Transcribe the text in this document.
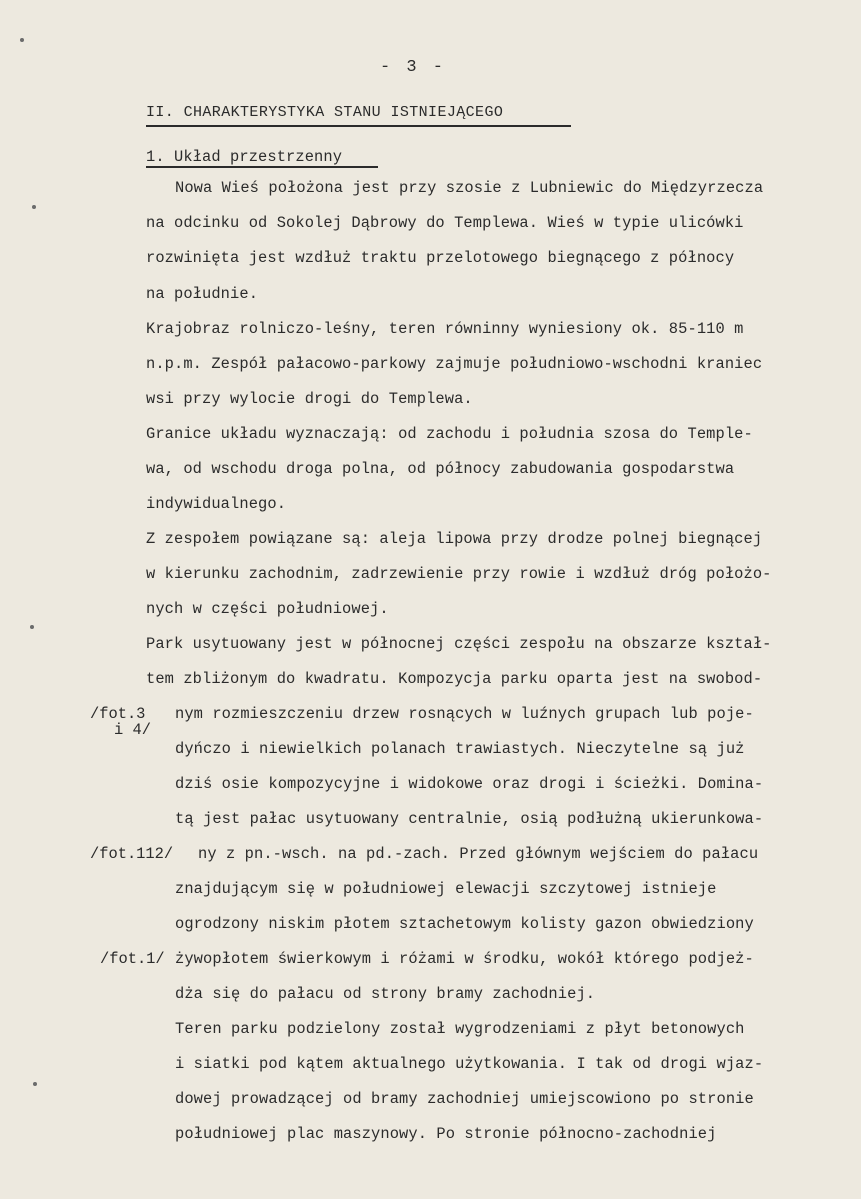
- 3 -
II. CHARAKTERYSTYKA STANU ISTNIEJĄCEGO
1. Układ przestrzenny
Nowa Wieś położona jest przy szosie z Lubniewic do Międzyrzecza
na odcinku od Sokolej Dąbrowy do Templewa. Wieś w typie ulicówki
rozwinięta jest wzdłuż traktu przelotowego biegnącego z północy
na południe.
Krajobraz rolniczo-leśny, teren równinny wyniesiony ok. 85-110 m
n.p.m. Zespół pałacowo-parkowy zajmuje południowo-wschodni kraniec
wsi przy wylocie drogi do Templewa.
Granice układu wyznaczają: od zachodu i południa szosa do Temple-
wa, od wschodu droga polna, od północy zabudowania gospodarstwa
indywidualnego.
Z zespołem powiązane są: aleja lipowa przy drodze polnej biegnącej
w kierunku zachodnim, zadrzewienie przy rowie i wzdłuż dróg położo-
nych w części południowej.
Park usytuowany jest w północnej części zespołu na obszarze kształ-
tem zbliżonym do kwadratu. Kompozycja parku oparta jest na swobod-
/fot.3
i 4/
nym rozmieszczeniu drzew rosnących w luźnych grupach lub poje-
dyńczo i niewielkich polanach trawiastych. Nieczytelne są już
dziś osie kompozycyjne i widokowe oraz drogi i ścieżki. Domina-
tą jest pałac usytuowany centralnie, osią podłużną ukierunkowa-
/fot.112/ ny z pn.-wsch. na pd.-zach. Przed głównym wejściem do pałacu
znajdującym się w południowej elewacji szczytowej istnieje
ogrodzony niskim płotem sztachetowym kolisty gazon obwiedziony
/fot.1/ żywopłotem świerkowym i różami w środku, wokół którego podjeż-
dża się do pałacu od strony bramy zachodniej.
Teren parku podzielony został wygrodzeniami z płyt betonowych
i siatki pod kątem aktualnego użytkowania. I tak od drogi wjaz-
dowej prowadzącej od bramy zachodniej umiejscowiono po stronie
południowej plac maszynowy. Po stronie północno-zachodniej
